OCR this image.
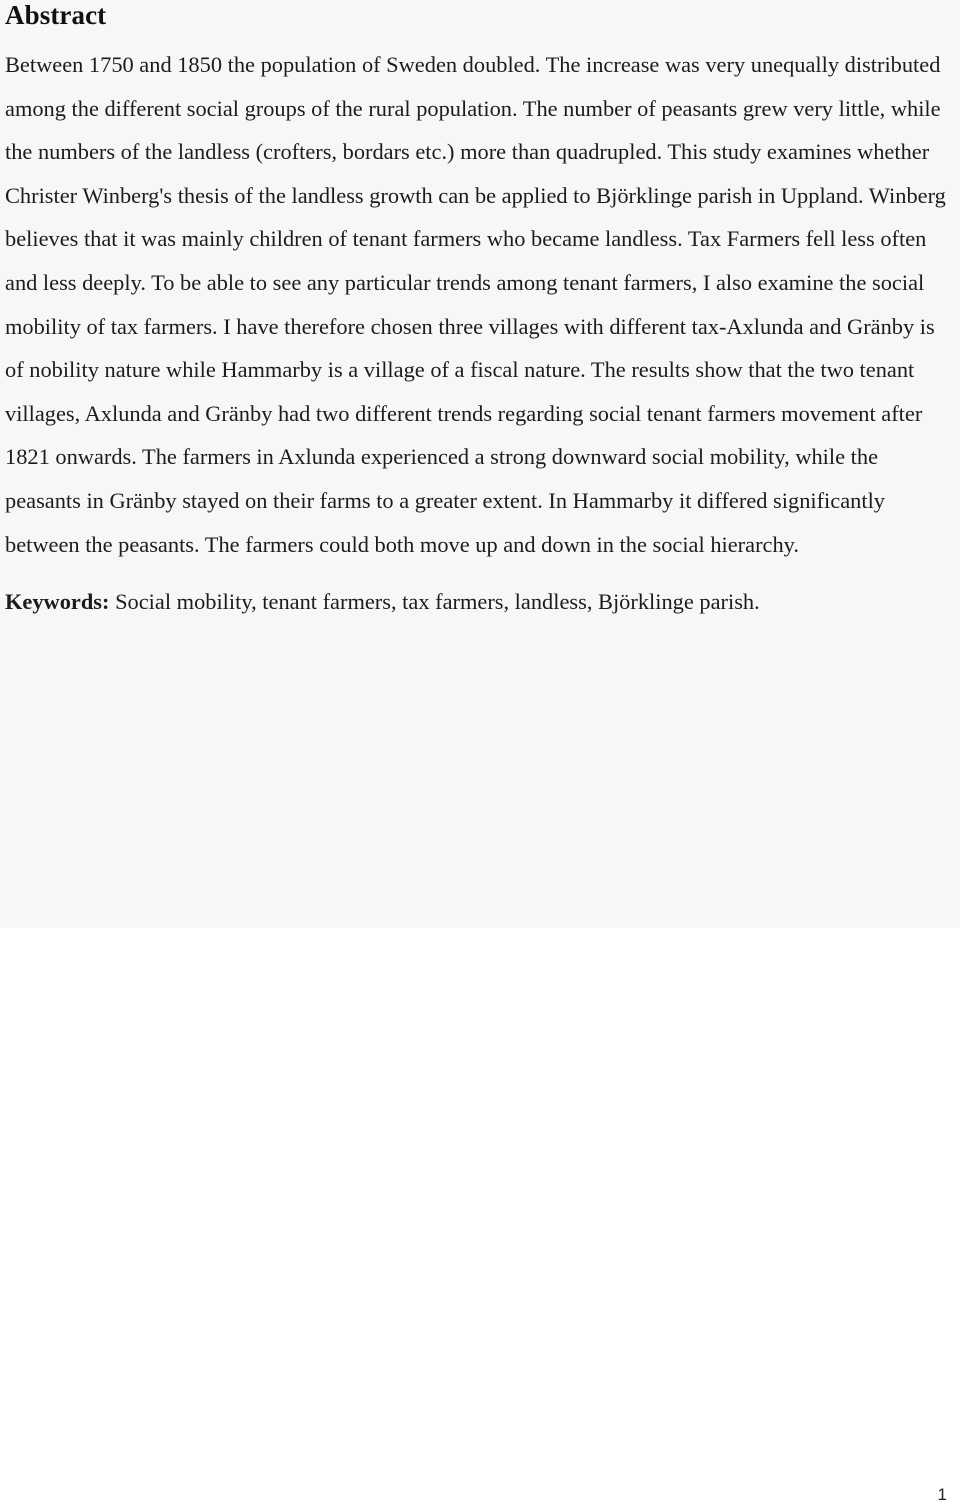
Abstract

Between 1750 and 1850 the population of Sweden doubled. The increase was very unequally distributed among the different social groups of the rural population. The number of peasants grew very little, while the numbers of the landless (crofters, bordars etc.) more than quadrupled. This study examines whether Christer Winberg's thesis of the landless growth can be applied to Björklinge parish in Uppland. Winberg believes that it was mainly children of tenant farmers who became landless. Tax Farmers fell less often and less deeply. To be able to see any particular trends among tenant farmers, I also examine the social mobility of tax farmers. I have therefore chosen three villages with different tax-Axlunda and Gränby is of nobility nature while Hammarby is a village of a fiscal nature. The results show that the two tenant villages, Axlunda and Gränby had two different trends regarding social tenant farmers movement after 1821 onwards. The farmers in Axlunda experienced a strong downward social mobility, while the peasants in Gränby stayed on their farms to a greater extent. In Hammarby it differed significantly between the peasants. The farmers could both move up and down in the social hierarchy.

Keywords: Social mobility, tenant farmers, tax farmers, landless, Björklinge parish.

1
